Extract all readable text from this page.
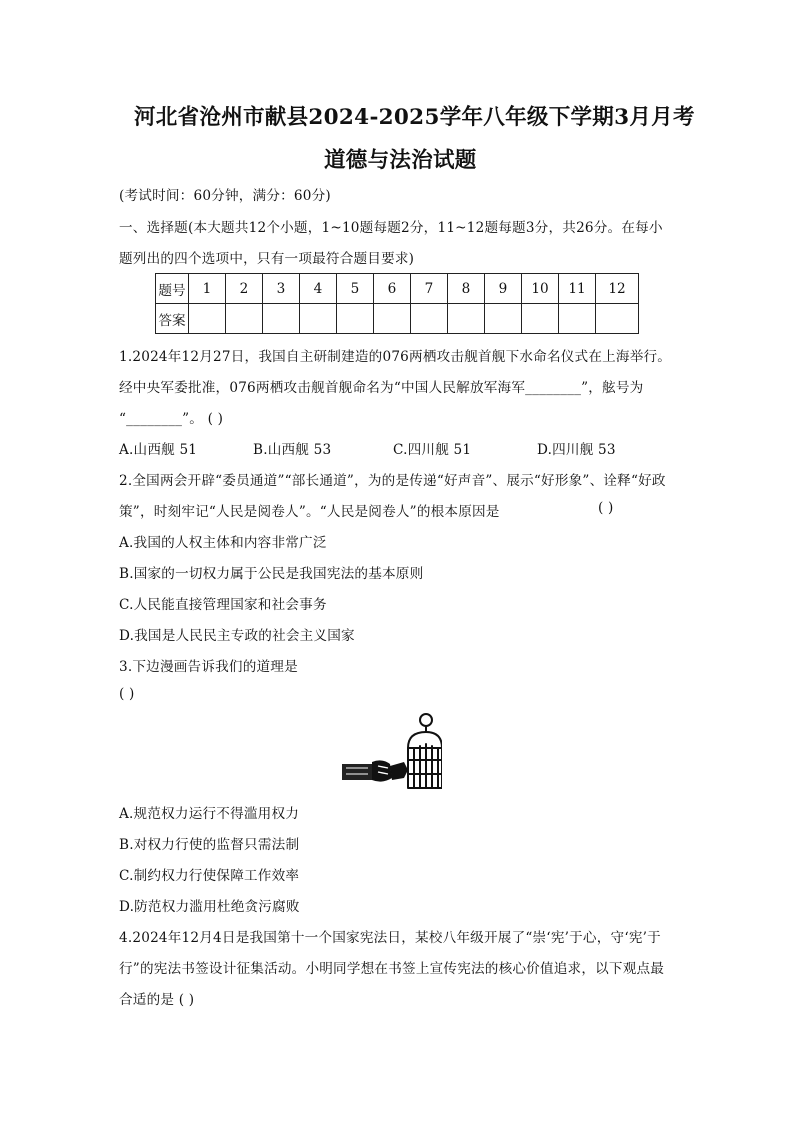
河北省沧州市献县2024-2025学年八年级下学期3月月考
道德与法治试题
(考试时间：60分钟，满分：60分)
一、选择题(本大题共12个小题，1~10题每题2分，11~12题每题3分，共26分。在每小
题列出的四个选项中，只有一项最符合题目要求)
题号	1	2	3	4	5	6	7	8	9	10	11	12
答案												
1.2024年12月27日，我国自主研制建造的076两栖攻击舰首舰下水命名仪式在上海举行。
经中央军委批准，076两栖攻击舰首舰命名为“中国人民解放军海军________”，舷号为
“________”。 ( )
A.山西舰 51	B.山西舰 53	C.四川舰 51	D.四川舰 53
2.全国两会开辟“委员通道”“部长通道”，为的是传递“好声音”、展示“好形象”、诠释“好政
策”，时刻牢记“人民是阅卷人”。“人民是阅卷人”的根本原因是	( )
A.我国的人权主体和内容非常广泛
B.国家的一切权力属于公民是我国宪法的基本原则
C.人民能直接管理国家和社会事务
D.我国是人民民主专政的社会主义国家
3.下边漫画告诉我们的道理是
( )
A.规范权力运行不得滥用权力
B.对权力行使的监督只需法制
C.制约权力行使保障工作效率
D.防范权力滥用杜绝贪污腐败
4.2024年12月4日是我国第十一个国家宪法日，某校八年级开展了“崇‘宪’于心，守‘宪’于
行”的宪法书签设计征集活动。小明同学想在书签上宣传宪法的核心价值追求，以下观点最
合适的是 ( )
